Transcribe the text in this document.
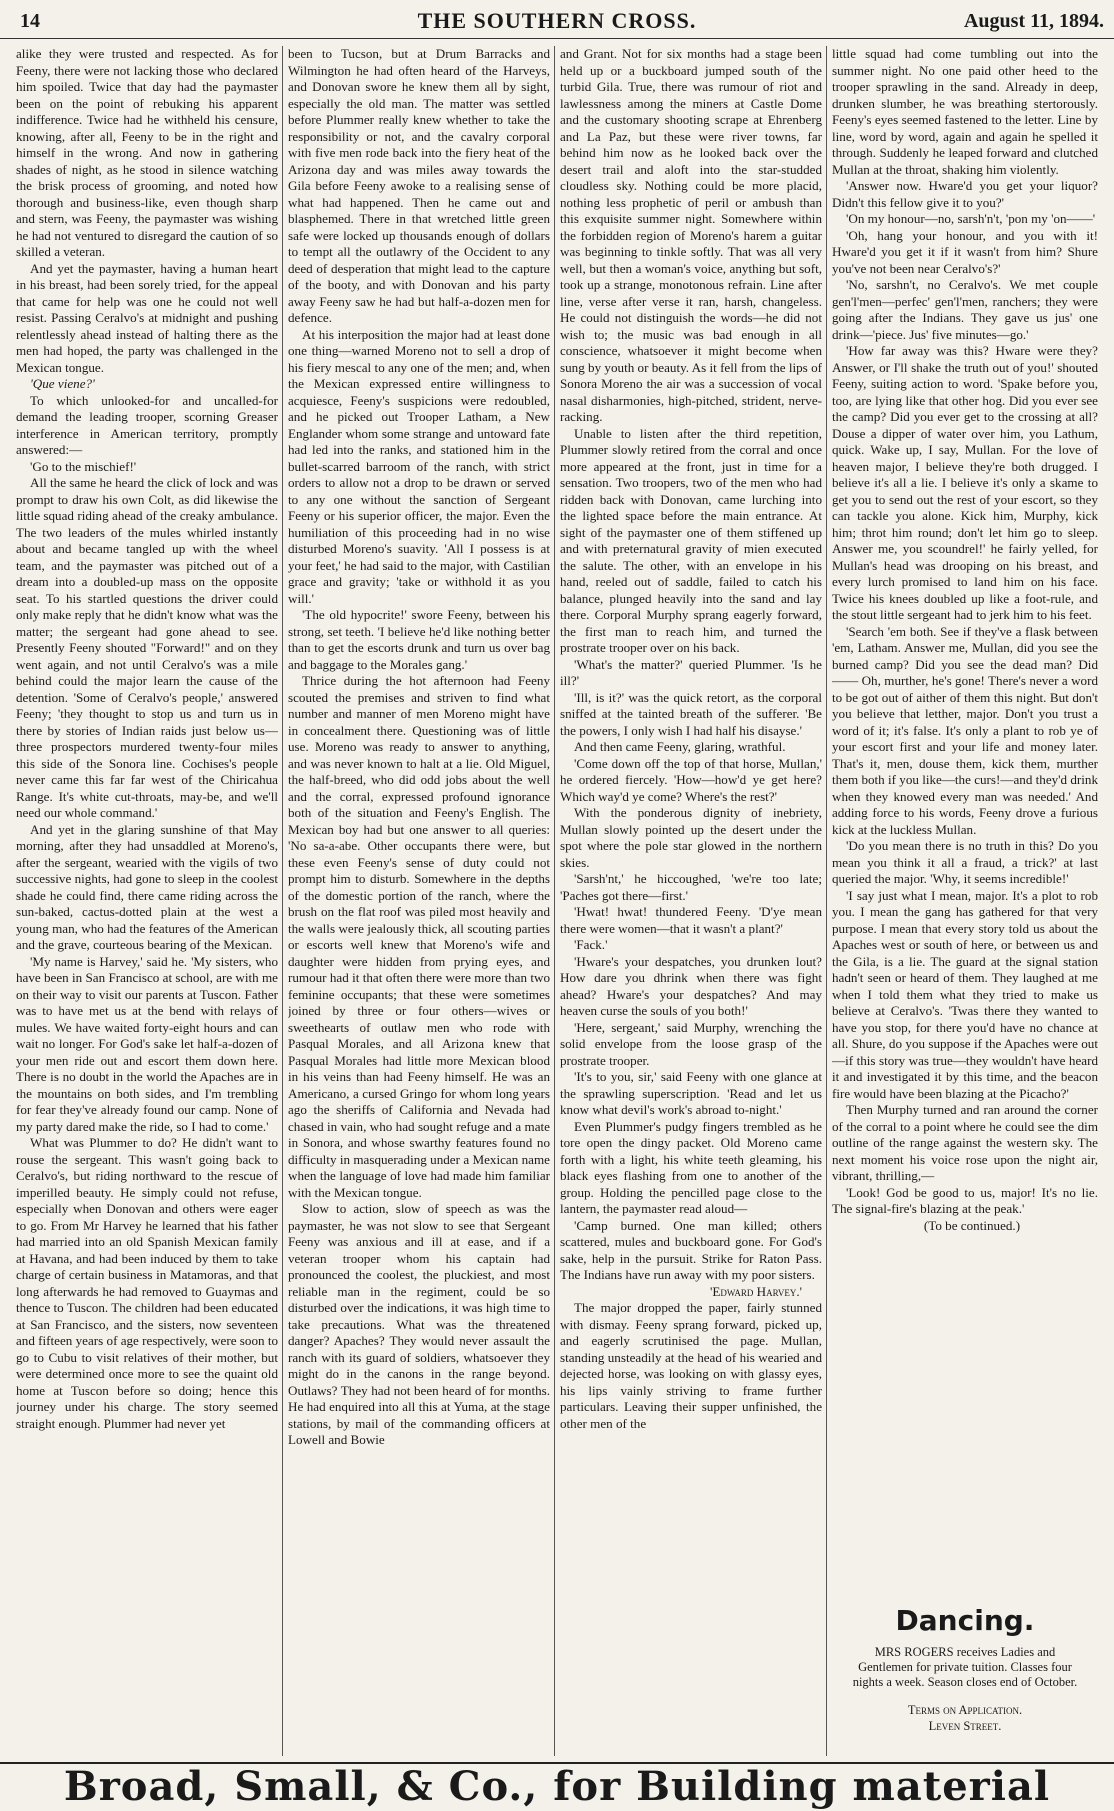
14	THE SOUTHERN CROSS.	August 11, 1894.

alike they were trusted and respected. As for Feeny, there were not lacking those who declared him spoiled. Twice that day had the paymaster been on the point of rebuking his apparent indifference. Twice had he withheld his censure, knowing, after all, Feeny to be in the right and himself in the wrong. And now in gathering shades of night, as he stood in silence watching the brisk process of grooming, and noted how thorough and business-like, even though sharp and stern, was Feeny, the paymaster was wishing he had not ventured to disregard the caution of so skilled a veteran.

And yet the paymaster, having a human heart in his breast, had been sorely tried, for the appeal that came for help was one he could not well resist. Passing Ceralvo's at midnight and pushing relentlessly ahead instead of halting there as the men had hoped, the party was challenged in the Mexican tongue.

'Que viene?'

To which unlooked-for and uncalled-for demand the leading trooper, scorning Greaser interference in American territory, promptly answered:—

'Go to the mischief!'

All the same he heard the click of lock and was prompt to draw his own Colt, as did likewise the little squad riding ahead of the creaky ambulance. The two leaders of the mules whirled instantly about and became tangled up with the wheel team, and the paymaster was pitched out of a dream into a doubled-up mass on the opposite seat. To his startled questions the driver could only make reply that he didn't know what was the matter; the sergeant had gone ahead to see. Presently Feeny shouted "Forward!" and on they went again, and not until Ceralvo's was a mile behind could the major learn the cause of the detention. 'Some of Ceralvo's people,' answered Feeny; 'they thought to stop us and turn us in there by stories of Indian raids just below us—three prospectors murdered twenty-four miles this side of the Sonora line. Cochises's people never came this far far west of the Chiricahua Range. It's white cut-throats, may-be, and we'll need our whole command.'

And yet in the glaring sunshine of that May morning, after they had unsaddled at Moreno's, after the sergeant, wearied with the vigils of two successive nights, had gone to sleep in the coolest shade he could find, there came riding across the sun-baked, cactus-dotted plain at the west a young man, who had the features of the American and the grave, courteous bearing of the Mexican.

'My name is Harvey,' said he. 'My sisters, who have been in San Francisco at school, are with me on their way to visit our parents at Tuscon. Father was to have met us at the bend with relays of mules. We have waited forty-eight hours and can wait no longer. For God's sake let half-a-dozen of your men ride out and escort them down here. There is no doubt in the world the Apaches are in the mountains on both sides, and I'm trembling for fear they've already found our camp. None of my party dared make the ride, so I had to come.'

What was Plummer to do? He didn't want to rouse the sergeant. This wasn't going back to Ceralvo's, but riding northward to the rescue of imperilled beauty. He simply could not refuse, especially when Donovan and others were eager to go. From Mr Harvey he learned that his father had married into an old Spanish Mexican family at Havana, and had been induced by them to take charge of certain business in Matamoras, and that long afterwards he had removed to Guaymas and thence to Tuscon. The children had been educated at San Francisco, and the sisters, now seventeen and fifteen years of age respectively, were soon to go to Cubu to visit relatives of their mother, but were determined once more to see the quaint old home at Tuscon before so doing; hence this journey under his charge. The story seemed straight enough. Plummer had never yet

been to Tucson, but at Drum Barracks and Wilmington he had often heard of the Harveys, and Donovan swore he knew them all by sight, especially the old man. The matter was settled before Plummer really knew whether to take the responsibility or not, and the cavalry corporal with five men rode back into the fiery heat of the Arizona day and was miles away towards the Gila before Feeny awoke to a realising sense of what had happened. Then he came out and blasphemed. There in that wretched little green safe were locked up thousands enough of dollars to tempt all the outlawry of the Occident to any deed of desperation that might lead to the capture of the booty, and with Donovan and his party away Feeny saw he had but half-a-dozen men for defence.

At his interposition the major had at least done one thing—warned Moreno not to sell a drop of his fiery mescal to any one of the men; and, when the Mexican expressed entire willingness to acquiesce, Feeny's suspicions were redoubled, and he picked out Trooper Latham, a New Englander whom some strange and untoward fate had led into the ranks, and stationed him in the bullet-scarred barroom of the ranch, with strict orders to allow not a drop to be drawn or served to any one without the sanction of Sergeant Feeny or his superior officer, the major. Even the humiliation of this proceeding had in no wise disturbed Moreno's suavity. 'All I possess is at your feet,' he had said to the major, with Castilian grace and gravity; 'take or withhold it as you will.'

'The old hypocrite!' swore Feeny, between his strong, set teeth. 'I believe he'd like nothing better than to get the escorts drunk and turn us over bag and baggage to the Morales gang.'

Thrice during the hot afternoon had Feeny scouted the premises and striven to find what number and manner of men Moreno might have in concealment there. Questioning was of little use. Moreno was ready to answer to anything, and was never known to halt at a lie. Old Miguel, the half-breed, who did odd jobs about the well and the corral, expressed profound ignorance both of the situation and Feeny's English. The Mexican boy had but one answer to all queries: 'No sa-a-abe. Other occupants there were, but these even Feeny's sense of duty could not prompt him to disturb. Somewhere in the depths of the domestic portion of the ranch, where the brush on the flat roof was piled most heavily and the walls were jealously thick, all scouting parties or escorts well knew that Moreno's wife and daughter were hidden from prying eyes, and rumour had it that often there were more than two feminine occupants; that these were sometimes joined by three or four others—wives or sweethearts of outlaw men who rode with Pasqual Morales, and all Arizona knew that Pasqual Morales had little more Mexican blood in his veins than had Feeny himself. He was an Americano, a cursed Gringo for whom long years ago the sheriffs of California and Nevada had chased in vain, who had sought refuge and a mate in Sonora, and whose swarthy features found no difficulty in masquerading under a Mexican name when the language of love had made him familiar with the Mexican tongue.

Slow to action, slow of speech as was the paymaster, he was not slow to see that Sergeant Feeny was anxious and ill at ease, and if a veteran trooper whom his captain had pronounced the coolest, the pluckiest, and most reliable man in the regiment, could be so disturbed over the indications, it was high time to take precautions. What was the threatened danger? Apaches? They would never assault the ranch with its guard of soldiers, whatsoever they might do in the canons in the range beyond. Outlaws? They had not been heard of for months. He had enquired into all this at Yuma, at the stage stations, by mail of the commanding officers at Lowell and Bowie

and Grant. Not for six months had a stage been held up or a buckboard jumped south of the turbid Gila. True, there was rumour of riot and lawlessness among the miners at Castle Dome and the customary shooting scrape at Ehrenberg and La Paz, but these were river towns, far behind him now as he looked back over the desert trail and aloft into the star-studded cloudless sky. Nothing could be more placid, nothing less prophetic of peril or ambush than this exquisite summer night. Somewhere within the forbidden region of Moreno's harem a guitar was beginning to tinkle softly. That was all very well, but then a woman's voice, anything but soft, took up a strange, monotonous refrain. Line after line, verse after verse it ran, harsh, changeless. He could not distinguish the words—he did not wish to; the music was bad enough in all conscience, whatsoever it might become when sung by youth or beauty. As it fell from the lips of Sonora Moreno the air was a succession of vocal nasal disharmonies, high-pitched, strident, nerve-racking.

Unable to listen after the third repetition, Plummer slowly retired from the corral and once more appeared at the front, just in time for a sensation. Two troopers, two of the men who had ridden back with Donovan, came lurching into the lighted space before the main entrance. At sight of the paymaster one of them stiffened up and with preternatural gravity of mien executed the salute. The other, with an envelope in his hand, reeled out of saddle, failed to catch his balance, plunged heavily into the sand and lay there. Corporal Murphy sprang eagerly forward, the first man to reach him, and turned the prostrate trooper over on his back.

'What's the matter?' queried Plummer. 'Is he ill?'

'Ill, is it?' was the quick retort, as the corporal sniffed at the tainted breath of the sufferer. 'Be the powers, I only wish I had half his disayse.'

And then came Feeny, glaring, wrathful.

'Come down off the top of that horse, Mullan,' he ordered fiercely. 'How—how'd ye get here? Which way'd ye come? Where's the rest?'

With the ponderous dignity of inebriety, Mullan slowly pointed up the desert under the spot where the pole star glowed in the northern skies.

'Sarsh'nt,' he hiccoughed, 'we're too late; 'Paches got there—first.'

'Hwat! hwat! thundered Feeny. 'D'ye mean there were women—that it wasn't a plant?'

'Fack.'

'Hware's your despatches, you drunken lout? How dare you dhrink when there was fight ahead? Hware's your despatches? And may heaven curse the souls of you both!'

'Here, sergeant,' said Murphy, wrenching the solid envelope from the loose grasp of the prostrate trooper.

'It's to you, sir,' said Feeny with one glance at the sprawling superscription. 'Read and let us know what devil's work's abroad to-night.'

Even Plummer's pudgy fingers trembled as he tore open the dingy packet. Old Moreno came forth with a light, his white teeth gleaming, his black eyes flashing from one to another of the group. Holding the pencilled page close to the lantern, the paymaster read aloud—

'Camp burned. One man killed; others scattered, mules and buckboard gone. For God's sake, help in the pursuit. Strike for Raton Pass. The Indians have run away with my poor sisters.

'Edward Harvey.'

The major dropped the paper, fairly stunned with dismay. Feeny sprang forward, picked up, and eagerly scrutinised the page. Mullan, standing unsteadily at the head of his wearied and dejected horse, was looking on with glassy eyes, his lips vainly striving to frame further particulars. Leaving their supper unfinished, the other men of the

little squad had come tumbling out into the summer night. No one paid other heed to the trooper sprawling in the sand. Already in deep, drunken slumber, he was breathing stertorously. Feeny's eyes seemed fastened to the letter. Line by line, word by word, again and again he spelled it through. Suddenly he leaped forward and clutched Mullan at the throat, shaking him violently.

'Answer now. Hware'd you get your liquor? Didn't this fellow give it to you?'

'On my honour—no, sarsh'n't, 'pon my 'on——'

'Oh, hang your honour, and you with it! Hware'd you get it if it wasn't from him? Shure you've not been near Ceralvo's?'

'No, sarshn't, no Ceralvo's. We met couple gen'l'men—perfec' gen'l'men, ranchers; they were going after the Indians. They gave us jus' one drink—'piece. Jus' five minutes—go.'

'How far away was this? Hware were they? Answer, or I'll shake the truth out of you!' shouted Feeny, suiting action to word. 'Spake before you, too, are lying like that other hog. Did you ever see the camp? Did you ever get to the crossing at all? Douse a dipper of water over him, you Lathum, quick. Wake up, I say, Mullan. For the love of heaven major, I believe they're both drugged. I believe it's all a lie. I believe it's only a skame to get you to send out the rest of your escort, so they can tackle you alone. Kick him, Murphy, kick him; throt him round; don't let him go to sleep. Answer me, you scoundrel!' he fairly yelled, for Mullan's head was drooping on his breast, and every lurch promised to land him on his face. Twice his knees doubled up like a foot-rule, and the stout little sergeant had to jerk him to his feet.

'Search 'em both. See if they've a flask between 'em, Latham. Answer me, Mullan, did you see the burned camp? Did you see the dead man? Did—— Oh, murther, he's gone! There's never a word to be got out of aither of them this night. But don't you believe that letther, major. Don't you trust a word of it; it's false. It's only a plant to rob ye of your escort first and your life and money later. That's it, men, douse them, kick them, murther them both if you like—the curs!—and they'd drink when they knowed every man was needed.' And adding force to his words, Feeny drove a furious kick at the luckless Mullan.

'Do you mean there is no truth in this? Do you mean you think it all a fraud, a trick?' at last queried the major. 'Why, it seems incredible!'

'I say just what I mean, major. It's a plot to rob you. I mean the gang has gathered for that very purpose. I mean that every story told us about the Apaches west or south of here, or between us and the Gila, is a lie. The guard at the signal station hadn't seen or heard of them. They laughed at me when I told them what they tried to make us believe at Ceralvo's. 'Twas there they wanted to have you stop, for there you'd have no chance at all. Shure, do you suppose if the Apaches were out—if this story was true—they wouldn't have heard it and investigated it by this time, and the beacon fire would have been blazing at the Picacho?'

Then Murphy turned and ran around the corner of the corral to a point where he could see the dim outline of the range against the western sky. The next moment his voice rose upon the night air, vibrant, thrilling,—

'Look! God be good to us, major! It's no lie. The signal-fire's blazing at the peak.'

(To be continued.)

Dancing.
MRS ROGERS receives Ladies and Gentlemen for private tuition. Classes four nights a week. Season closes end of October.
Terms on Application.
Leven Street.
Broad, Small, & Co., for Building material
